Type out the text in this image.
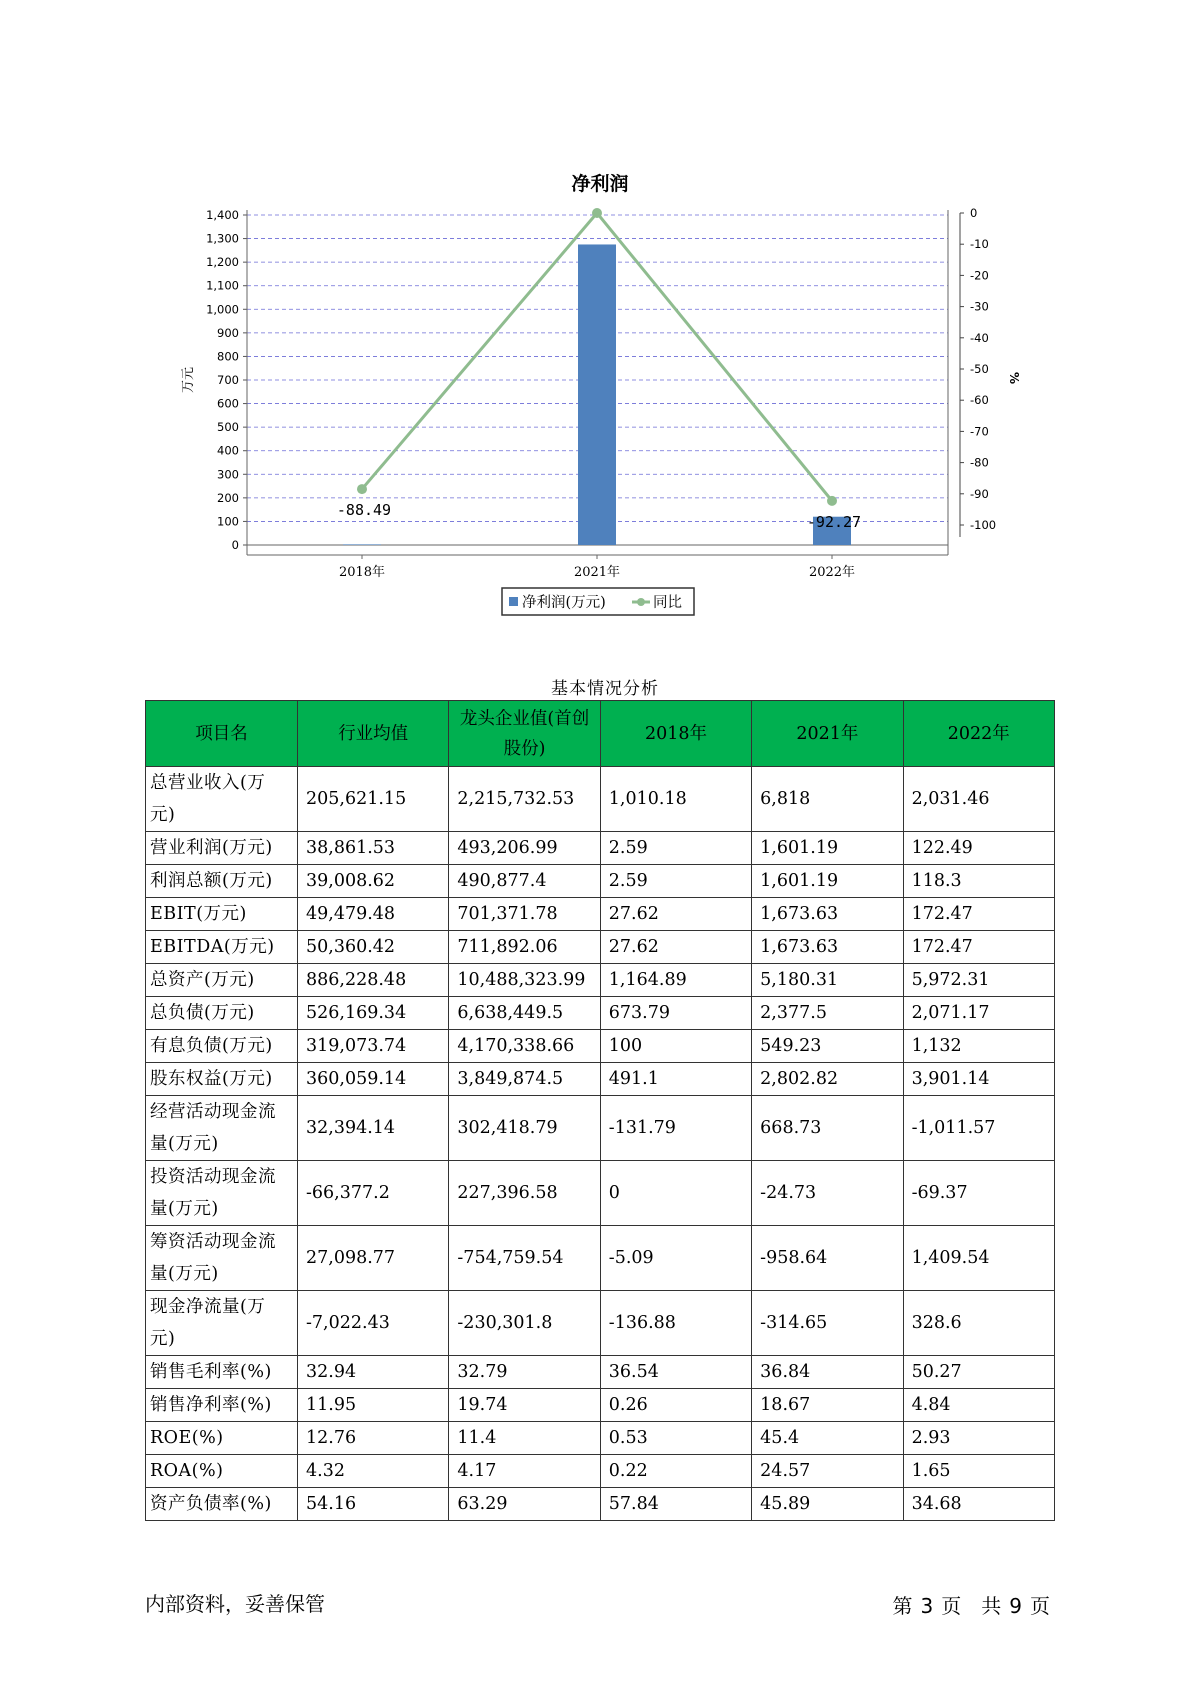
净利润
0
100
200
300
400
500
600
700
800
900
1,000
1,100
1,200
1,300
1,400	0
-10
-20
-30
-40
-50
-60
-70
-80
-90
-100
万元	%
2018年	2021年	2022年
-88.49
-92.27
净利润(万元)	同比
基本情况分析
项目名	行业均值	龙头企业值(首创股份)	2018年	2021年	2022年
总营业收入(万元)	205,621.15	2,215,732.53	1,010.18	6,818	2,031.46
营业利润(万元)	38,861.53	493,206.99	2.59	1,601.19	122.49
利润总额(万元)	39,008.62	490,877.4	2.59	1,601.19	118.3
EBIT(万元)	49,479.48	701,371.78	27.62	1,673.63	172.47
EBITDA(万元)	50,360.42	711,892.06	27.62	1,673.63	172.47
总资产(万元)	886,228.48	10,488,323.99	1,164.89	5,180.31	5,972.31
总负债(万元)	526,169.34	6,638,449.5	673.79	2,377.5	2,071.17
有息负债(万元)	319,073.74	4,170,338.66	100	549.23	1,132
股东权益(万元)	360,059.14	3,849,874.5	491.1	2,802.82	3,901.14
经营活动现金流量(万元)	32,394.14	302,418.79	-131.79	668.73	-1,011.57
投资活动现金流量(万元)	-66,377.2	227,396.58	0	-24.73	-69.37
筹资活动现金流量(万元)	27,098.77	-754,759.54	-5.09	-958.64	1,409.54
现金净流量(万元)	-7,022.43	-230,301.8	-136.88	-314.65	328.6
销售毛利率(%)	32.94	32.79	36.54	36.84	50.27
销售净利率(%)	11.95	19.74	0.26	18.67	4.84
ROE(%)	12.76	11.4	0.53	45.4	2.93
ROA(%)	4.32	4.17	0.22	24.57	1.65
资产负债率(%)	54.16	63.29	57.84	45.89	34.68
内部资料，妥善保管	第 3 页　共 9 页
